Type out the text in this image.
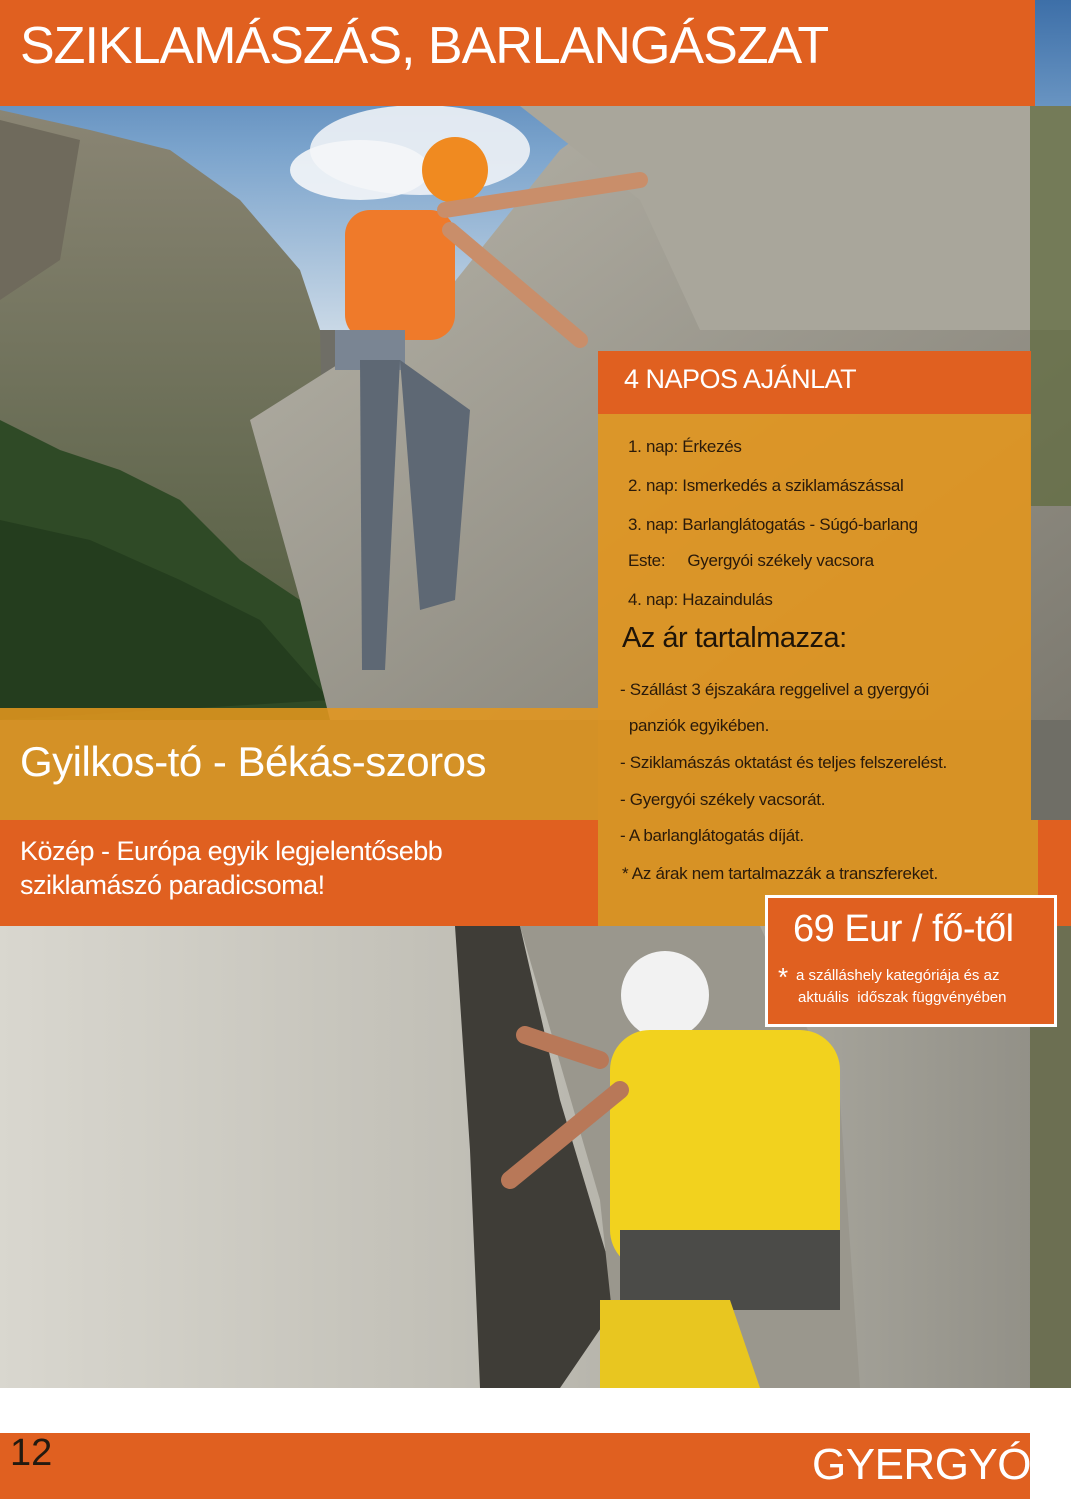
SZIKLAMÁSZÁS, BARLANGÁSZAT
4 NAPOS AJÁNLAT
1. nap: Érkezés
2. nap: Ismerkedés a sziklamászással
3. nap: Barlanglátogatás - Súgó-barlang
Este:     Gyergyói székely vacsora
4. nap: Hazaindulás
Az ár tartalmazza:
- Szállást 3 éjszakára reggelivel a gyergyói
panziók egyikében.
- Sziklamászás oktatást és teljes felszerelést.
- Gyergyói székely vacsorát.
- A barlanglátogatás díját.
* Az árak nem tartalmazzák a transzfereket.
Gyilkos-tó - Békás-szoros
Közép - Európa egyik legjelentősebb
sziklamászó paradicsoma!
69 Eur / fő-től
* a szálláshely kategóriája és az
aktuális  időszak függvényében
12	GYERGYÓ
